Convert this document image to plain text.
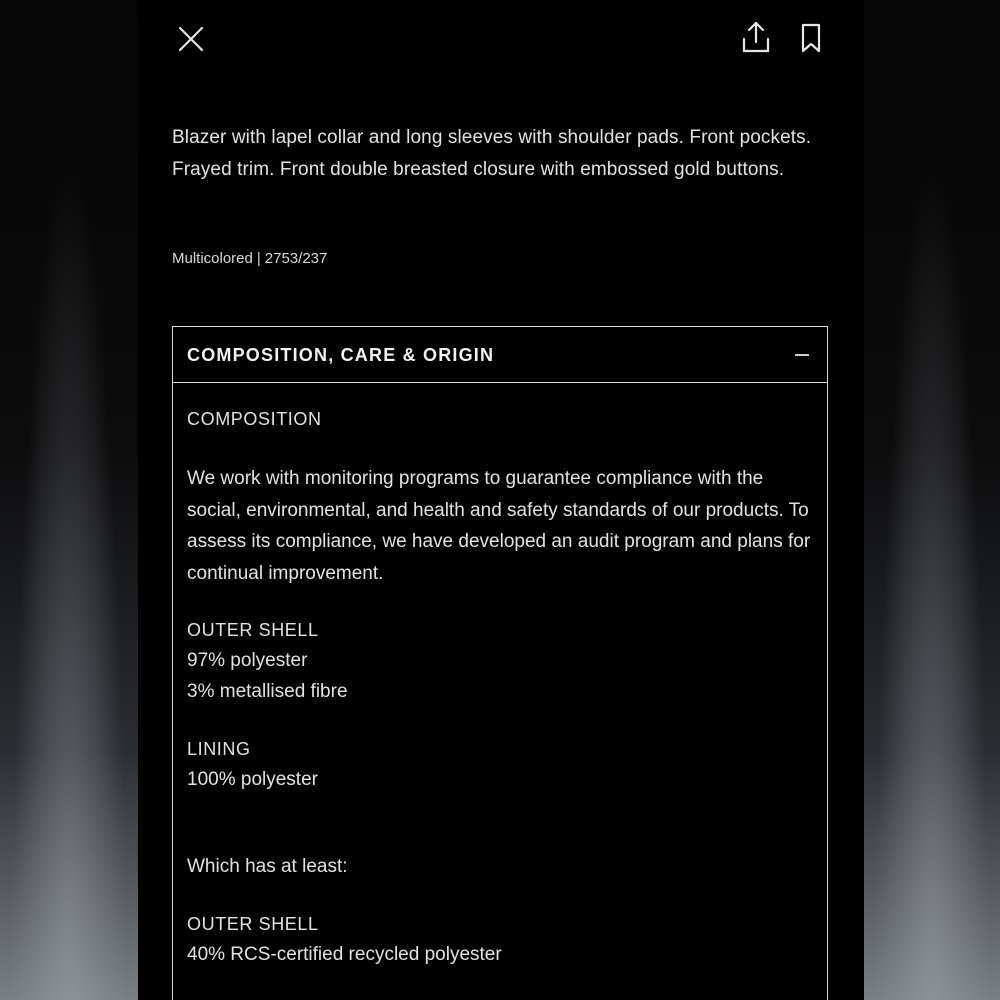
Blazer with lapel collar and long sleeves with shoulder pads. Front pockets. Frayed trim. Front double breasted closure with embossed gold buttons.

Multicolored | 2753/237

COMPOSITION, CARE & ORIGIN
COMPOSITION

We work with monitoring programs to guarantee compliance with the social, environmental, and health and safety standards of our products. To assess its compliance, we have developed an audit program and plans for continual improvement.

OUTER SHELL
97% polyester
3% metallised fibre
LINING
100% polyester
Which has at least:
OUTER SHELL
40% RCS-certified recycled polyester
